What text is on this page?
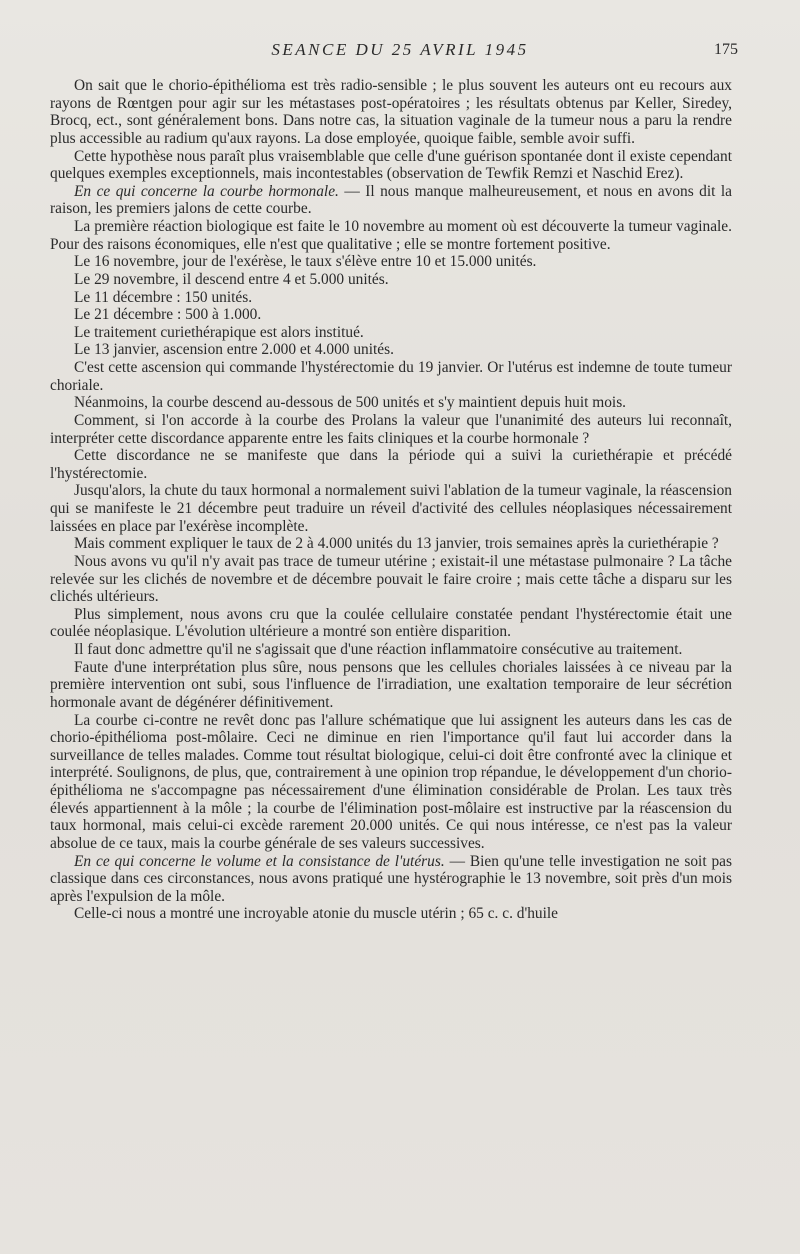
SEANCE DU 25 AVRIL 1945	175

On sait que le chorio-épithélioma est très radio-sensible ; le plus souvent les auteurs ont eu recours aux rayons de Rœntgen pour agir sur les métastases post-opératoires ; les résultats obtenus par Keller, Siredey, Brocq, ect., sont généralement bons. Dans notre cas, la situation vaginale de la tumeur nous a paru la rendre plus accessible au radium qu'aux rayons. La dose employée, quoique faible, semble avoir suffi.

Cette hypothèse nous paraît plus vraisemblable que celle d'une guérison spontanée dont il existe cependant quelques exemples exceptionnels, mais incontestables (observation de Tewfik Remzi et Naschid Erez).

En ce qui concerne la courbe hormonale. — Il nous manque malheureusement, et nous en avons dit la raison, les premiers jalons de cette courbe.

La première réaction biologique est faite le 10 novembre au moment où est découverte la tumeur vaginale. Pour des raisons économiques, elle n'est que qualitative ; elle se montre fortement positive.

Le 16 novembre, jour de l'exérèse, le taux s'élève entre 10 et 15.000 unités.

Le 29 novembre, il descend entre 4 et 5.000 unités.

Le 11 décembre : 150 unités.

Le 21 décembre : 500 à 1.000.

Le traitement curiethérapique est alors institué.

Le 13 janvier, ascension entre 2.000 et 4.000 unités.

C'est cette ascension qui commande l'hystérectomie du 19 janvier. Or l'utérus est indemne de toute tumeur choriale.

Néanmoins, la courbe descend au-dessous de 500 unités et s'y maintient depuis huit mois.

Comment, si l'on accorde à la courbe des Prolans la valeur que l'unanimité des auteurs lui reconnaît, interpréter cette discordance apparente entre les faits cliniques et la courbe hormonale ?

Cette discordance ne se manifeste que dans la période qui a suivi la curiethérapie et précédé l'hystérectomie.

Jusqu'alors, la chute du taux hormonal a normalement suivi l'ablation de la tumeur vaginale, la réascension qui se manifeste le 21 décembre peut traduire un réveil d'activité des cellules néoplasiques nécessairement laissées en place par l'exérèse incomplète.

Mais comment expliquer le taux de 2 à 4.000 unités du 13 janvier, trois semaines après la curiethérapie ?

Nous avons vu qu'il n'y avait pas trace de tumeur utérine ; existait-il une métastase pulmonaire ? La tâche relevée sur les clichés de novembre et de décembre pouvait le faire croire ; mais cette tâche a disparu sur les clichés ultérieurs.

Plus simplement, nous avons cru que la coulée cellulaire constatée pendant l'hystérectomie était une coulée néoplasique. L'évolution ultérieure a montré son entière disparition.

Il faut donc admettre qu'il ne s'agissait que d'une réaction inflammatoire consécutive au traitement.

Faute d'une interprétation plus sûre, nous pensons que les cellules choriales laissées à ce niveau par la première intervention ont subi, sous l'influence de l'irradiation, une exaltation temporaire de leur sécrétion hormonale avant de dégénérer définitivement.

La courbe ci-contre ne revêt donc pas l'allure schématique que lui assignent les auteurs dans les cas de chorio-épithélioma post-môlaire. Ceci ne diminue en rien l'importance qu'il faut lui accorder dans la surveillance de telles malades. Comme tout résultat biologique, celui-ci doit être confronté avec la clinique et interprété. Soulignons, de plus, que, contrairement à une opinion trop répandue, le développement d'un chorio-épithélioma ne s'accompagne pas nécessairement d'une élimination considérable de Prolan. Les taux très élevés appartiennent à la môle ; la courbe de l'élimination post-môlaire est instructive par la réascension du taux hormonal, mais celui-ci excède rarement 20.000 unités. Ce qui nous intéresse, ce n'est pas la valeur absolue de ce taux, mais la courbe générale de ses valeurs successives.

En ce qui concerne le volume et la consistance de l'utérus. — Bien qu'une telle investigation ne soit pas classique dans ces circonstances, nous avons pratiqué une hystérographie le 13 novembre, soit près d'un mois après l'expulsion de la môle.

Celle-ci nous a montré une incroyable atonie du muscle utérin ; 65 c. c. d'huile
